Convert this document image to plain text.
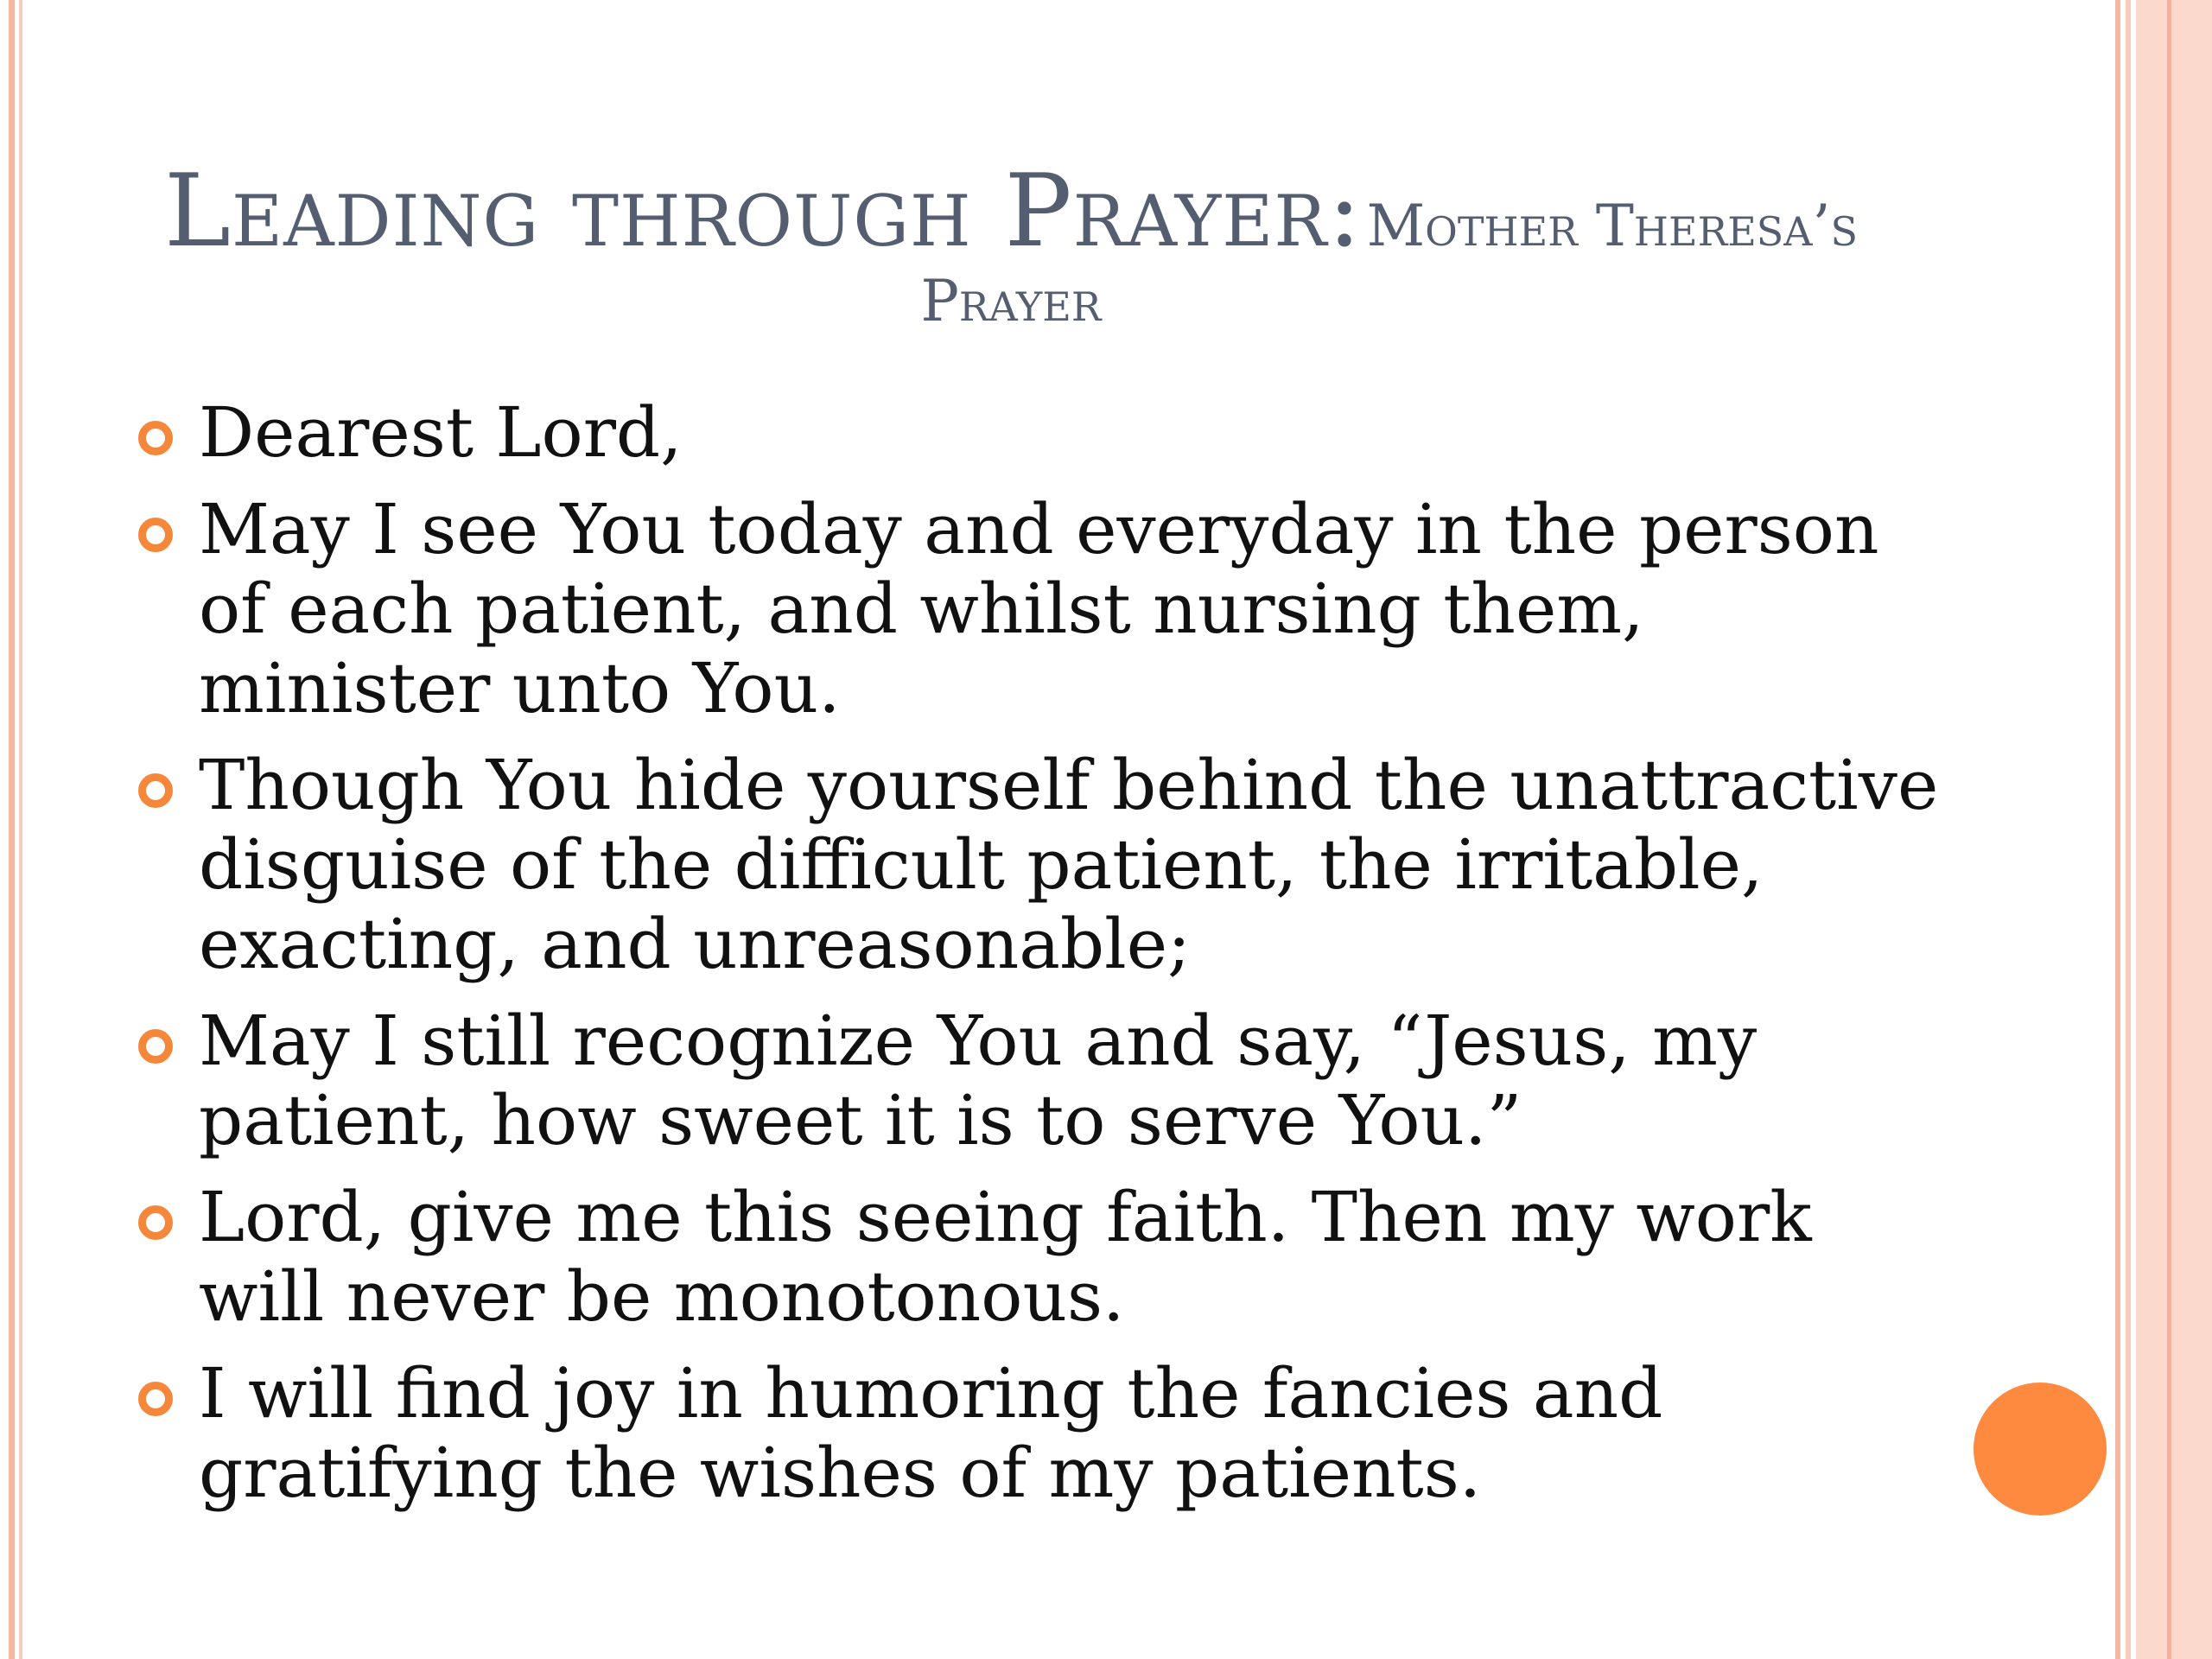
Leading through Prayer: Mother Theresa’s
Prayer
Dearest Lord,
May I see You today and everyday in the person of each patient, and whilst nursing them, minister unto You.
Though You hide yourself behind the unattractive disguise of the difficult patient, the irritable, exacting, and unreasonable;
May I still recognize You and say, “Jesus, my patient, how sweet it is to serve You.”
Lord, give me this seeing faith. Then my work will never be monotonous.
I will find joy in humoring the fancies and gratifying the wishes of my patients.
